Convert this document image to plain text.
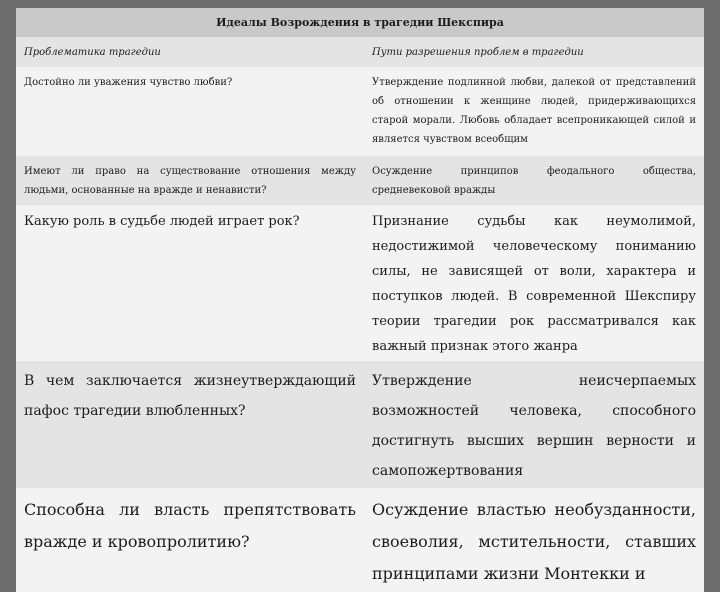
Идеалы Возрождения в трагедии Шекспира	
Проблематика трагедии	Пути разрешения проблем в трагедии
Достойно ли уважения чувство любви?	Утверждение подлинной любви, далекой от представлений об отношении к женщине людей, придерживающихся старой морали. Любовь обладает всепроникающей силой и является чувством всеобщим
Имеют ли право на существование отношения между людьми, основанные на вражде и ненависти?	Осуждение принципов феодального общества, средневековой вражды
Какую роль в судьбе людей играет рок?	Признание судьбы как неумолимой, недостижимой человеческому пониманию силы, не зависящей от воли, характера и поступков людей. В современной Шекспиру теории трагедии рок рассматривался как важный признак этого жанра
В чем заключается жизнеутверждающий пафос трагедии влюбленных?	Утверждение неисчерпаемых возможностей человека, способного достигнуть высших вершин верности и самопожертвования
Способна ли власть препятствовать вражде и кровопролитию?	Осуждение властью необузданности, своеволия, мстительности, ставших принципами жизни Монтекки и
